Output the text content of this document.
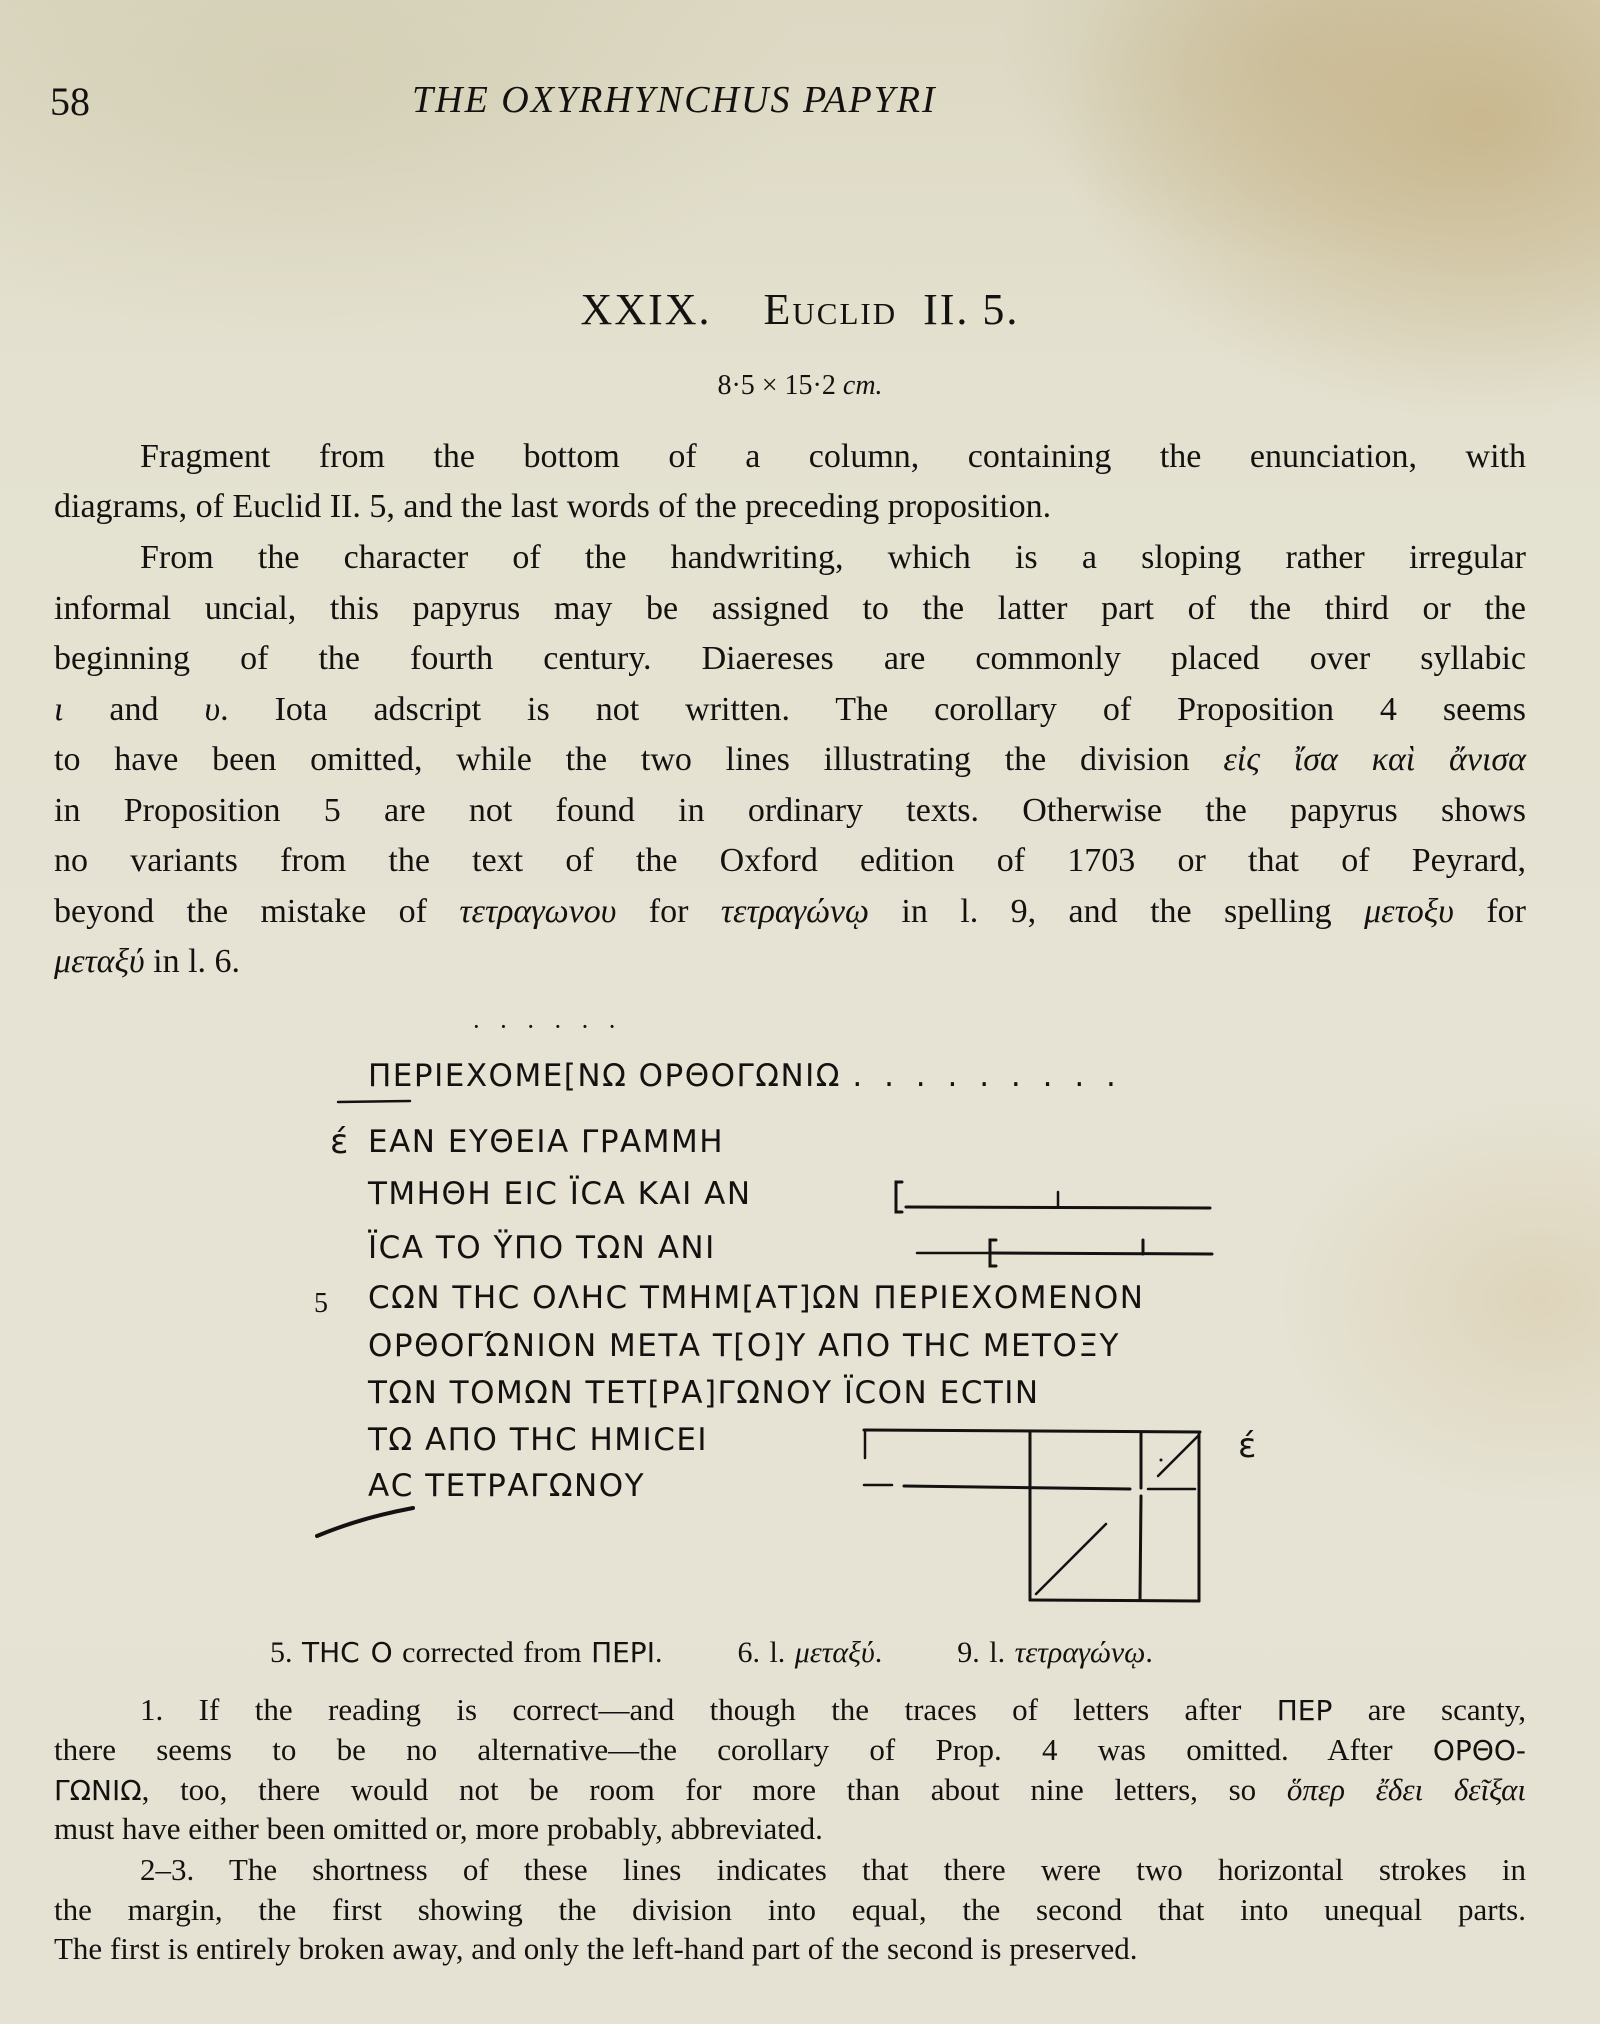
58	THE OXYRHYNCHUS PAPYRI
XXIX. Euclid II. 5.
8·5 × 15·2 cm.
Fragment from the bottom of a column, containing the enunciation, with
diagrams, of Euclid II. 5, and the last words of the preceding proposition.
From the character of the handwriting, which is a sloping rather irregular
informal uncial, this papyrus may be assigned to the latter part of the third or the
beginning of the fourth century. Diaereses are commonly placed over syllabic
ι and υ. Iota adscript is not written. The corollary of Proposition 4 seems
to have been omitted, while the two lines illustrating the division εἰς ἴσα καὶ ἄνισα
in Proposition 5 are not found in ordinary texts. Otherwise the papyrus shows
no variants from the text of the Oxford edition of 1703 or that of Peyrard,
beyond the mistake of τετραγωνου for τετραγώνῳ in l. 9, and the spelling μετοξυ for
μεταξύ in l. 6.
· · · · · ·
ΠΕΡΙΕΧΟΜΕ[ΝΩ ΟΡΘΟΓΩΝΙΩ . . . . . . . . .
έ ΕΑΝ ΕΥΘΕΙΑ ΓΡΑΜΜΗ
ΤΜΗΘΗ ΕΙϹ ΪϹΑ ΚΑΙ ΑΝ
ΪϹΑ ΤΟ ΫΠΟ ΤΩΝ ΑΝΙ
5 ϹΩΝ ΤΗϹ ΟΛΗϹ ΤΜΗΜ[ΑΤ]ΩΝ ΠΕΡΙΕΧΟΜΕΝΟΝ
ΟΡΘΟΓΏΝΙΟΝ ΜΕΤΑ Τ[Ο]Υ ΑΠΟ ΤΗϹ ΜΕΤΟΞΥ
ΤΩΝ ΤΟΜΩΝ ΤΕΤ[ΡΑ]ΓΩΝΟΥ ΪϹΟΝ ΕϹΤΙΝ
ΤΩ ΑΠΟ ΤΗϹ ΗΜΙϹΕΙ
ΑϹ ΤΕΤΡΑΓΩΝΟΥ
έ
5. ΤΗϹ Ο corrected from ΠΕΡΙ.	6. l. μεταξύ.	9. l. τετραγώνῳ.
1. If the reading is correct—and though the traces of letters after ΠΕΡ are scanty,
there seems to be no alternative—the corollary of Prop. 4 was omitted. After ΟΡΘΟ-
ΓΩΝΙΩ, too, there would not be room for more than about nine letters, so ὅπερ ἔδει δεῖξαι
must have either been omitted or, more probably, abbreviated.
2–3. The shortness of these lines indicates that there were two horizontal strokes in
the margin, the first showing the division into equal, the second that into unequal parts.
The first is entirely broken away, and only the left-hand part of the second is preserved.
